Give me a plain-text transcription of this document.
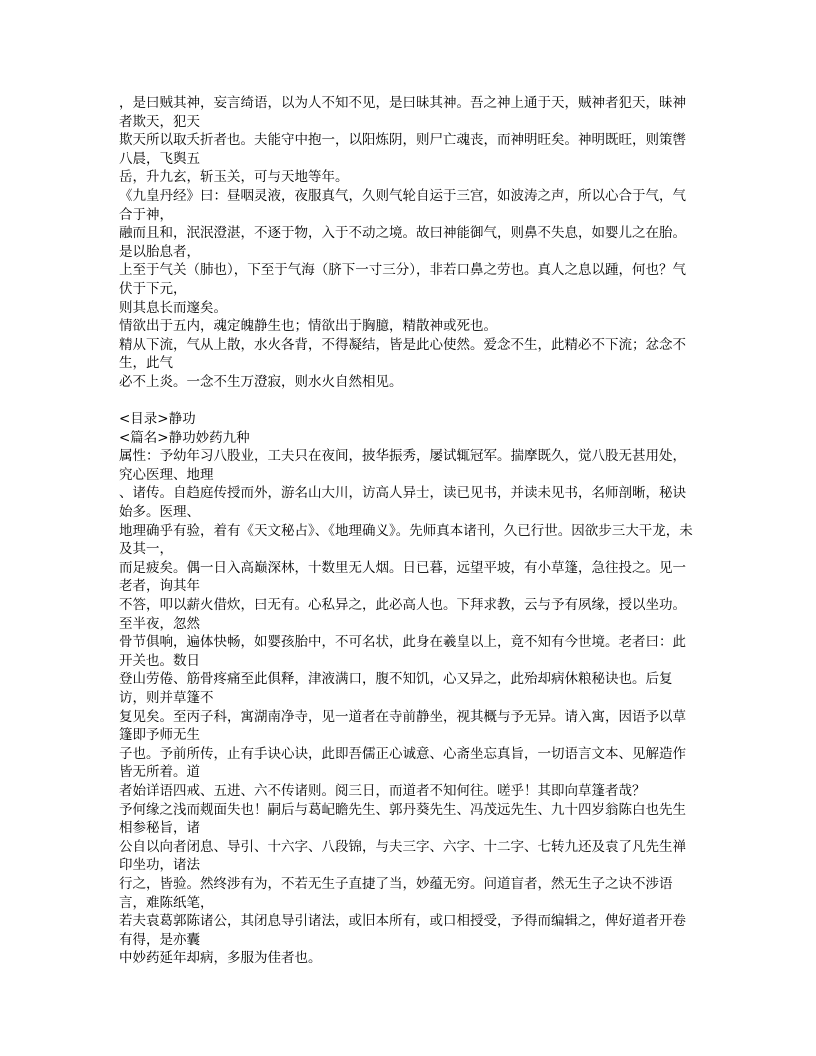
，是曰贼其神，妄言绮语，以为人不知不见，是曰昧其神。吾之神上通于天，贼神者犯天，昧神者欺天，犯天

欺天所以取夭折者也。夫能守中抱一，以阳炼阴，则尸亡魂丧，而神明旺矣。神明既旺，则策辔八晨，飞舆五

岳，升九玄，斩玉关，可与天地等年。

《九皇丹经》曰：昼咽灵液，夜服真气，久则气轮自运于三宫，如波涛之声，所以心合于气，气合于神，

融而且和，泯泯澄湛，不逐于物，入于不动之境。故曰神能御气，则鼻不失息，如婴儿之在胎。是以胎息者，

上至于气关（肺也），下至于气海（脐下一寸三分），非若口鼻之劳也。真人之息以踵，何也？气伏于下元，

则其息长而邃矣。

情欲出于五内，魂定魄静生也；情欲出于胸臆，精散神或死也。

精从下流，气从上散，水火各背，不得凝结，皆是此心使然。爱念不生，此精必不下流；忿念不生，此气

必不上炎。一念不生万澄寂，则水火自然相见。

<目录>静功

<篇名>静功妙药九种

属性：予幼年习八股业，工夫只在夜间，披华振秀，屡试辄冠军。揣摩既久，觉八股无甚用处，究心医理、地理

、诸传。自趋庭传授而外，游名山大川，访高人异士，读已见书，并读未见书，名师剖晰，秘诀始多。医理、

地理确乎有验，着有《天文秘占》、《地理确义》。先师真本诸刊，久已行世。因欲步三大干龙，未及其一，

而足疲矣。偶一日入高巅深林，十数里无人烟。日已暮，远望平坡，有小草篷，急往投之。见一老者，询其年

不答，叩以薪火借炊，曰无有。心私异之，此必高人也。下拜求教，云与予有夙缘，授以坐功。至半夜，忽然

骨节俱响，遍体快畅，如婴孩胎中，不可名状，此身在羲皇以上，竟不知有今世境。老者曰：此开关也。数日

登山劳倦、筋骨疼痛至此俱释，津液满口，腹不知饥，心又异之，此殆却病休粮秘诀也。后复访，则并草篷不

复见矣。至丙子科，寓湖南净寺，见一道者在寺前静坐，视其概与予无异。请入寓，因语予以草篷即予师无生

子也。予前所传，止有手诀心诀，此即吾儒正心诚意、心斋坐忘真旨，一切语言文本、见解造作皆无所着。道

者始详语四戒、五进、六不传诸则。阅三日，而道者不知何往。嗟乎！其即向草篷者哉？

予何缘之浅而觌面失也！嗣后与葛屺瞻先生、郭丹葵先生、冯茂远先生、九十四岁翁陈白也先生相参秘旨，诸

公自以向者闭息、导引、十六字、八段锦，与夫三字、六字、十二字、七转九还及袁了凡先生禅印坐功，诸法

行之，皆验。然终涉有为，不若无生子直捷了当，妙蕴无穷。问道盲者，然无生子之诀不涉语言，难陈纸笔，

若夫袁葛郭陈诸公，其闭息导引诸法，或旧本所有，或口相授受，予得而编辑之，俾好道者开卷有得，是亦囊

中妙药延年却病，多服为佳者也。
